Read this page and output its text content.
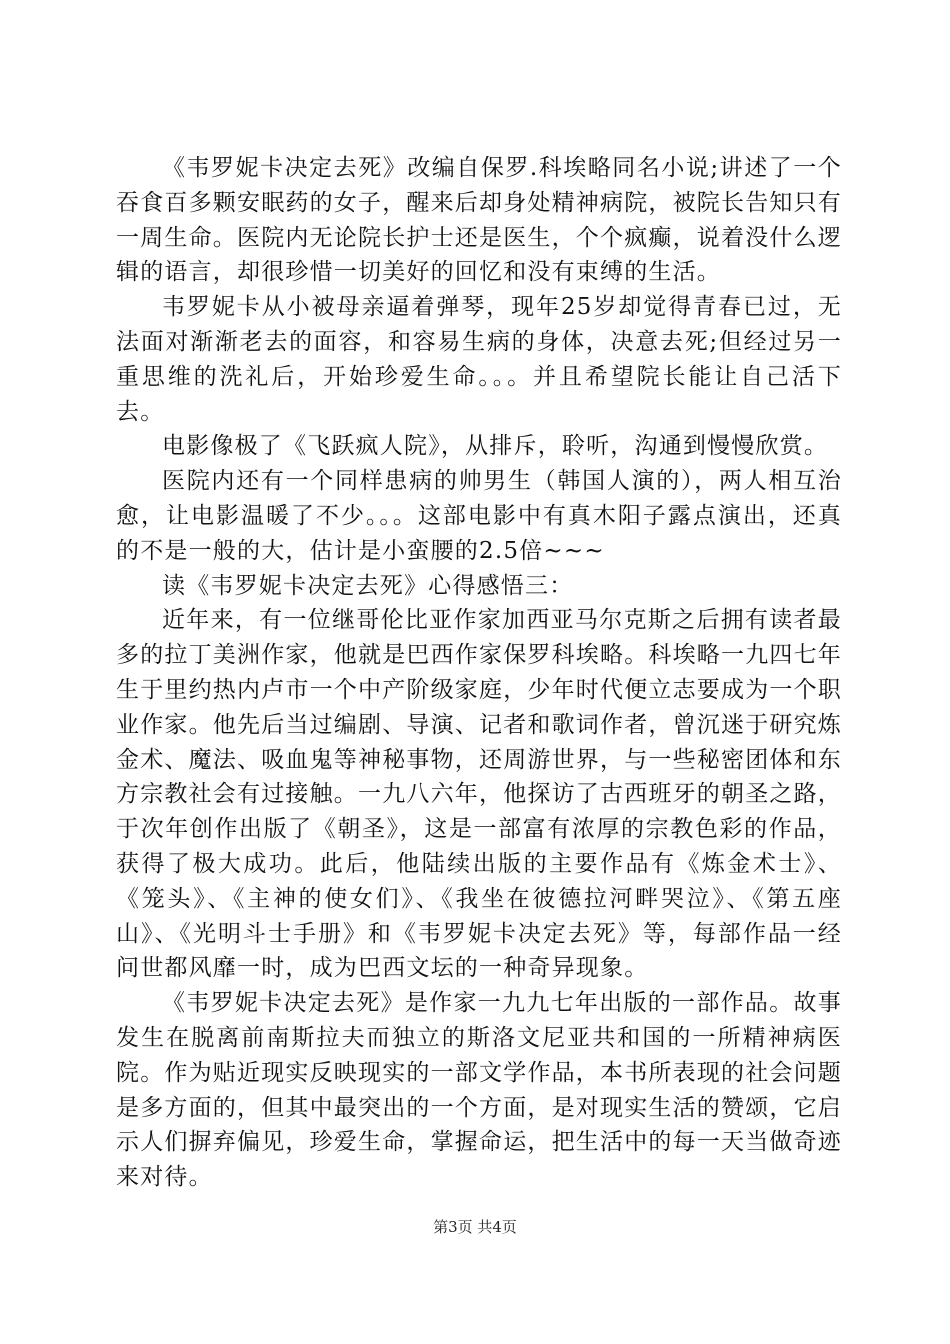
《韦罗妮卡决定去死》改编自保罗.科埃略同名小说;讲述了一个吞食百多颗安眠药的女子，醒来后却身处精神病院，被院长告知只有一周生命。医院内无论院长护士还是医生，个个疯癫，说着没什么逻辑的语言，却很珍惜一切美好的回忆和没有束缚的生活。

韦罗妮卡从小被母亲逼着弹琴，现年25岁却觉得青春已过，无法面对渐渐老去的面容，和容易生病的身体，决意去死;但经过另一重思维的洗礼后，开始珍爱生命。。。并且希望院长能让自己活下去。

电影像极了《飞跃疯人院》，从排斥，聆听，沟通到慢慢欣赏。

医院内还有一个同样患病的帅男生（韩国人演的），两人相互治愈，让电影温暖了不少。。。这部电影中有真木阳子露点演出，还真的不是一般的大，估计是小蛮腰的2.5倍~~~

读《韦罗妮卡决定去死》心得感悟三：

近年来，有一位继哥伦比亚作家加西亚马尔克斯之后拥有读者最多的拉丁美洲作家，他就是巴西作家保罗科埃略。科埃略一九四七年生于里约热内卢市一个中产阶级家庭，少年时代便立志要成为一个职业作家。他先后当过编剧、导演、记者和歌词作者，曾沉迷于研究炼金术、魔法、吸血鬼等神秘事物，还周游世界，与一些秘密团体和东方宗教社会有过接触。一九八六年，他探访了古西班牙的朝圣之路，于次年创作出版了《朝圣》，这是一部富有浓厚的宗教色彩的作品，获得了极大成功。此后，他陆续出版的主要作品有《炼金术士》、《笼头》、《主神的使女们》、《我坐在彼德拉河畔哭泣》、《第五座山》、《光明斗士手册》和《韦罗妮卡决定去死》等，每部作品一经问世都风靡一时，成为巴西文坛的一种奇异现象。

《韦罗妮卡决定去死》是作家一九九七年出版的一部作品。故事发生在脱离前南斯拉夫而独立的斯洛文尼亚共和国的一所精神病医院。作为贴近现实反映现实的一部文学作品，本书所表现的社会问题是多方面的，但其中最突出的一个方面，是对现实生活的赞颂，它启示人们摒弃偏见，珍爱生命，掌握命运，把生活中的每一天当做奇迹来对待。

第3页 共4页
